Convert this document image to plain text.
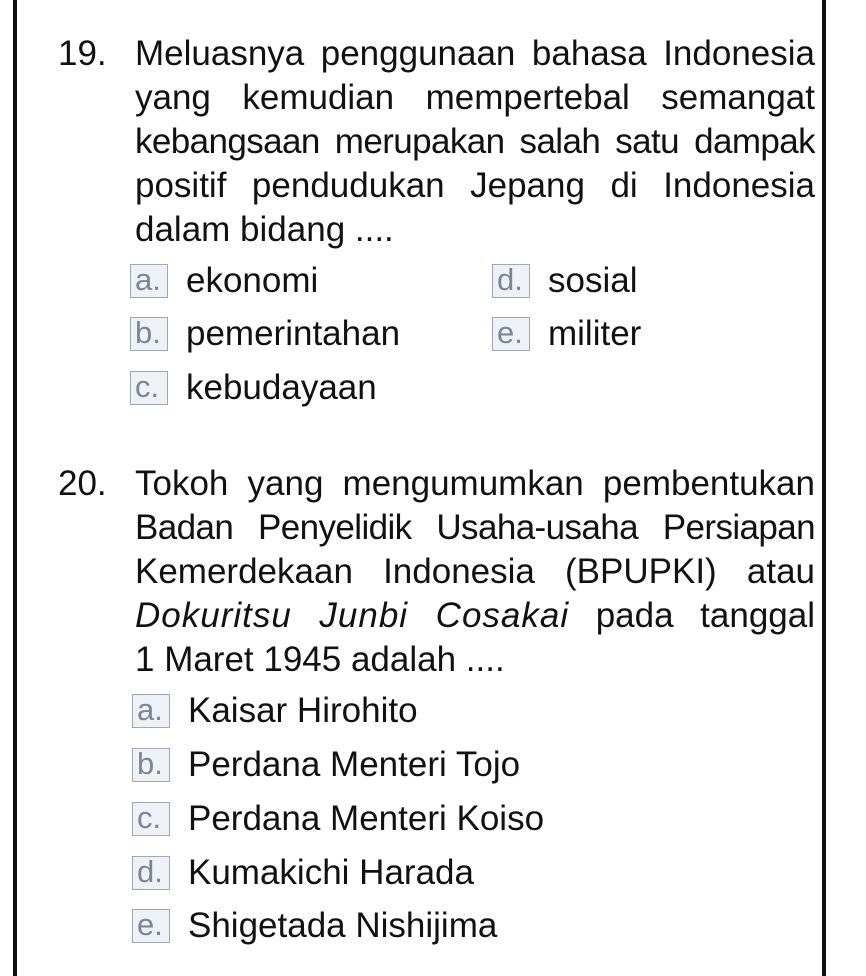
19. Meluasnya penggunaan bahasa Indonesia
yang kemudian mempertebal semangat
kebangsaan merupakan salah satu dampak
positif pendudukan Jepang di Indonesia
dalam bidang ....
a. ekonomi
b. pemerintahan
c. kebudayaan
d. sosial
e. militer
20. Tokoh yang mengumumkan pembentukan
Badan Penyelidik Usaha-usaha Persiapan
Kemerdekaan Indonesia (BPUPKI) atau
Dokuritsu Junbi Cosakai pada tanggal
1 Maret 1945 adalah ....
a. Kaisar Hirohito
b. Perdana Menteri Tojo
c. Perdana Menteri Koiso
d. Kumakichi Harada
e. Shigetada Nishijima
